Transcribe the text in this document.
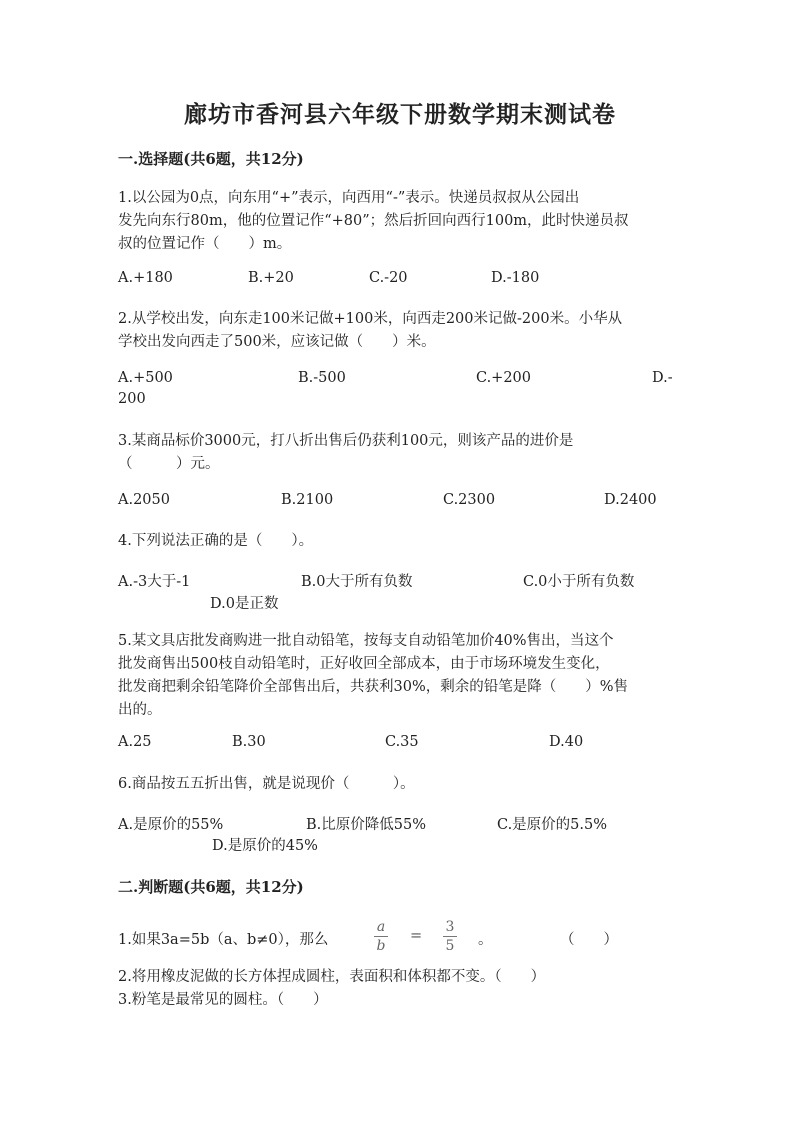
廊坊市香河县六年级下册数学期末测试卷
一.选择题(共6题，共12分)
1.以公园为0点，向东用“+”表示，向西用“-”表示。快递员叔叔从公园出
发先向东行80m，他的位置记作“+80”；然后折回向西行100m，此时快递员叔
叔的位置记作（　　）m。
A.+180	B.+20	C.-20	D.-180
2.从学校出发，向东走100米记做+100米，向西走200米记做-200米。小华从
学校出发向西走了500米，应该记做（　　）米。
A.+500	B.-500	C.+200	D.-
200
3.某商品标价3000元，打八折出售后仍获利100元，则该产品的进价是
（　　　）元。
A.2050	B.2100	C.2300	D.2400
4.下列说法正确的是（　　）。
A.-3大于-1	B.0大于所有负数	C.0小于所有负数
D.0是正数
5.某文具店批发商购进一批自动铅笔，按每支自动铅笔加价40%售出，当这个
批发商售出500枝自动铅笔时，正好收回全部成本，由于市场环境发生变化，
批发商把剩余铅笔降价全部售出后，共获利30%，剩余的铅笔是降（　　）%售
出的。
A.25	B.30	C.35	D.40
6.商品按五五折出售，就是说现价（　　　）。
A.是原价的55%	B.比原价降低55%	C.是原价的5.5%
D.是原价的45%
二.判断题(共6题，共12分)
1.如果3a=5b（a、b≠0），那么
a
b
=
3
5 。	（　　）
2.将用橡皮泥做的长方体捏成圆柱，表面积和体积都不变。（　　）
3.粉笔是最常见的圆柱。（　　）
